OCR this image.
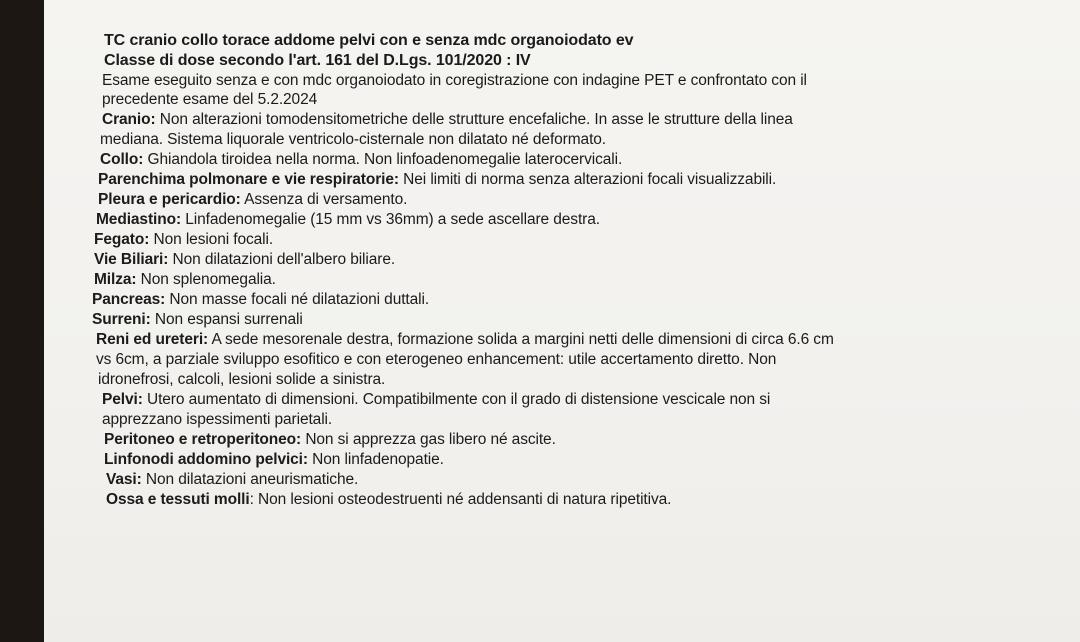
TC cranio collo torace addome pelvi con e senza mdc organoiodato ev
Classe di dose secondo l'art. 161 del D.Lgs. 101/2020 : IV
Esame eseguito senza e con mdc organoiodato in coregistrazione con indagine PET e confrontato con il
precedente esame del 5.2.2024
Cranio: Non alterazioni tomodensitometriche delle strutture encefaliche. In asse le strutture della linea
mediana. Sistema liquorale ventricolo-cisternale non dilatato né deformato.
Collo: Ghiandola tiroidea nella norma. Non linfoadenomegalie laterocervicali.
Parenchima polmonare e vie respiratorie: Nei limiti di norma senza alterazioni focali visualizzabili.
Pleura e pericardio: Assenza di versamento.
Mediastino: Linfadenomegalie (15 mm vs 36mm) a sede ascellare destra.
Fegato: Non lesioni focali.
Vie Biliari: Non dilatazioni dell'albero biliare.
Milza: Non splenomegalia.
Pancreas: Non masse focali né dilatazioni duttali.
Surreni: Non espansi surrenali
Reni ed ureteri: A sede mesorenale destra, formazione solida a margini netti delle dimensioni di circa 6.6 cm
vs 6cm, a parziale sviluppo esofitico e con eterogeneo enhancement: utile accertamento diretto. Non
idronefrosi, calcoli, lesioni solide a sinistra.
Pelvi: Utero aumentato di dimensioni. Compatibilmente con il grado di distensione vescicale non si
apprezzano ispessimenti parietali.
Peritoneo e retroperitoneo: Non si apprezza gas libero né ascite.
Linfonodi addomino pelvici: Non linfadenopatie.
Vasi: Non dilatazioni aneurismatiche.
Ossa e tessuti molli: Non lesioni osteodestruenti né addensanti di natura ripetitiva.
